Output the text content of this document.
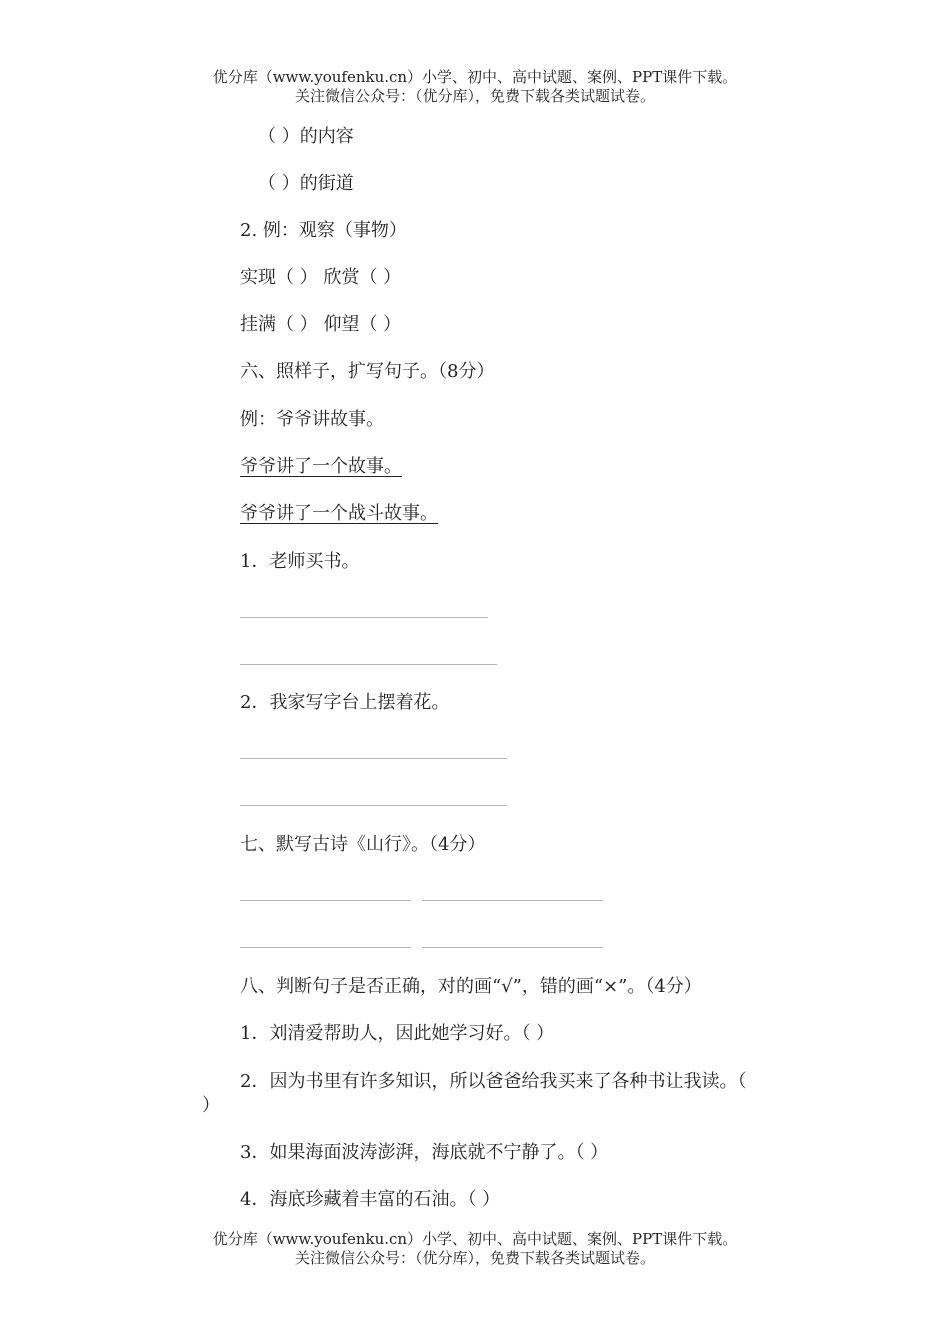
优分库（www.youfenku.cn）小学、初中、高中试题、案例、PPT课件下载。
关注微信公众号：（优分库），免费下载各类试题试卷。
（ ）的内容
（ ）的街道
2. 例：观察（事物）
实现（ ） 欣赏（ ）
挂满（ ） 仰望（ ）
六、照样子，扩写句子。（8分）
例：爷爷讲故事。
爷爷讲了一个故事。
爷爷讲了一个战斗故事。
1．老师买书。
2．我家写字台上摆着花。
七、默写古诗《山行》。（4分）
八、判断句子是否正确，对的画“√”，错的画“×”。（4分）
1．刘清爱帮助人，因此她学习好。（ ）
2．因为书里有许多知识，所以爸爸给我买来了各种书让我读。（
）
3．如果海面波涛澎湃，海底就不宁静了。（ ）
4．海底珍藏着丰富的石油。（ ）
优分库（www.youfenku.cn）小学、初中、高中试题、案例、PPT课件下载。
关注微信公众号：（优分库），免费下载各类试题试卷。
